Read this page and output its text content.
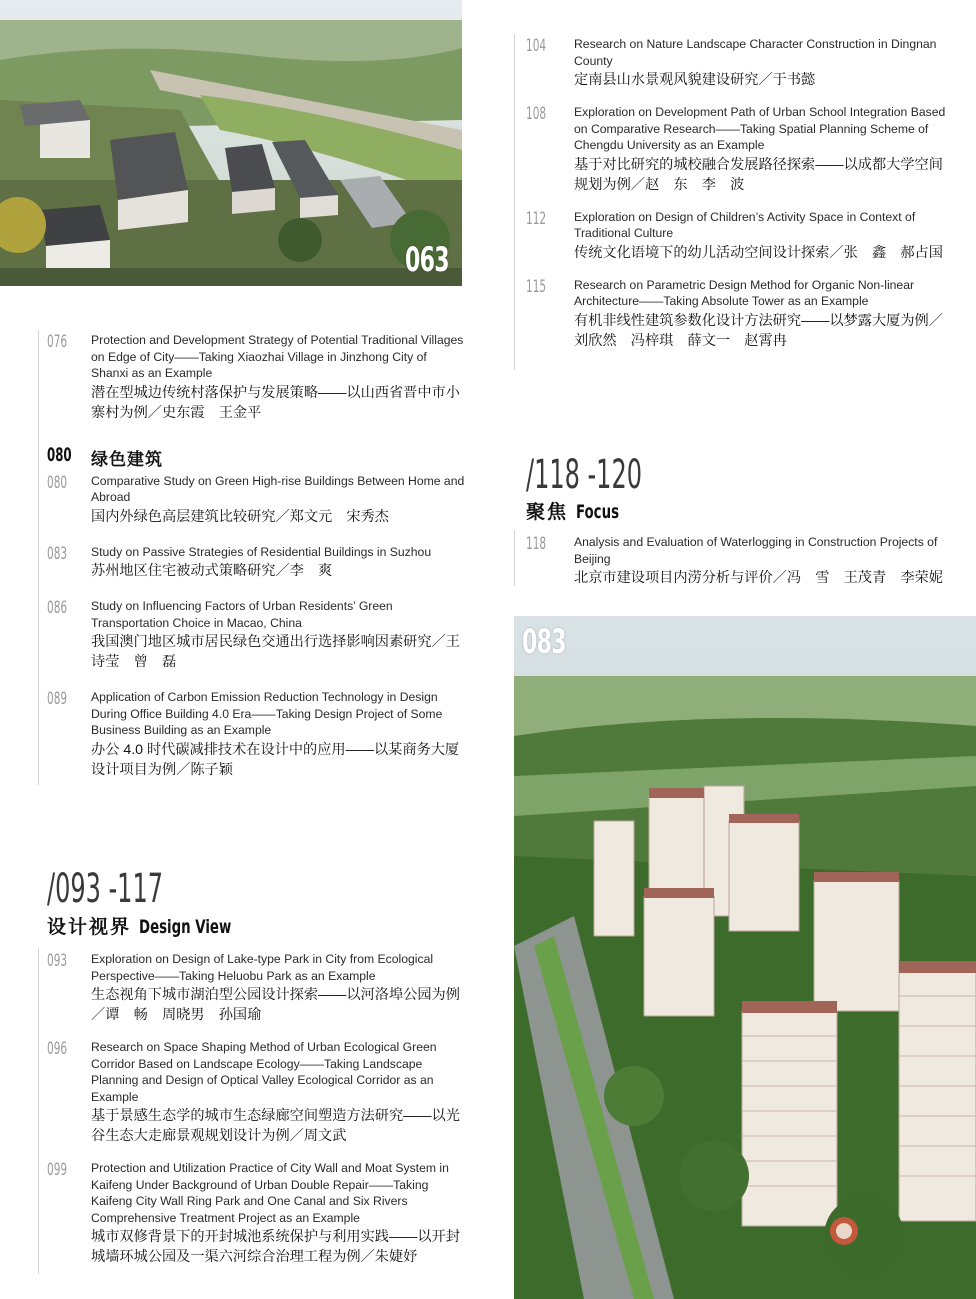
063
083
076 Protection and Development Strategy of Potential Traditional Villages on Edge of City——Taking Xiaozhai Village in Jinzhong City of Shanxi as an Example
潜在型城边传统村落保护与发展策略——以山西省晋中市小寨村为例／史东霞　王金平
080 绿色建筑
080 Comparative Study on Green High-rise Buildings Between Home and Abroad
国内外绿色高层建筑比较研究／郑文元　宋秀杰
083 Study on Passive Strategies of Residential Buildings in Suzhou
苏州地区住宅被动式策略研究／李　爽
086 Study on Influencing Factors of Urban Residents’ Green Transportation Choice in Macao, China
我国澳门地区城市居民绿色交通出行选择影响因素研究／王诗莹　曾　磊
089 Application of Carbon Emission Reduction Technology in Design During Office Building 4.0 Era——Taking Design Project of Some Business Building as an Example
办公 4.0 时代碳减排技术在设计中的应用——以某商务大厦设计项目为例／陈子颖
/093 -117
设计视界 Design View
093 Exploration on Design of Lake-type Park in City from Ecological Perspective——Taking Heluobu Park as an Example
生态视角下城市湖泊型公园设计探索——以河洛埠公园为例／谭　畅　周晓男　孙国瑜
096 Research on Space Shaping Method of Urban Ecological Green Corridor Based on Landscape Ecology——Taking Landscape Planning and Design of Optical Valley Ecological Corridor as an Example
基于景感生态学的城市生态绿廊空间塑造方法研究——以光谷生态大走廊景观规划设计为例／周文武
099 Protection and Utilization Practice of City Wall and Moat System in Kaifeng Under Background of Urban Double Repair——Taking Kaifeng City Wall Ring Park and One Canal and Six Rivers Comprehensive Treatment Project as an Example
城市双修背景下的开封城池系统保护与利用实践——以开封城墙环城公园及一渠六河综合治理工程为例／朱婕妤
104 Research on Nature Landscape Character Construction in Dingnan County
定南县山水景观风貌建设研究／于书懿
108 Exploration on Development Path of Urban School Integration Based on Comparative Research——Taking Spatial Planning Scheme of Chengdu University as an Example
基于对比研究的城校融合发展路径探索——以成都大学空间规划为例／赵　东　李　波
112 Exploration on Design of Children’s Activity Space in Context of Traditional Culture
传统文化语境下的幼儿活动空间设计探索／张　鑫　郝占国
115 Research on Parametric Design Method for Organic Non-linear Architecture——Taking Absolute Tower as an Example
有机非线性建筑参数化设计方法研究——以梦露大厦为例／刘欣然　冯梓琪　薛文一　赵霄冉
/118 -120
聚焦 Focus
118 Analysis and Evaluation of Waterlogging in Construction Projects of Beijing
北京市建设项目内涝分析与评价／冯　雪　王茂青　李荣妮
